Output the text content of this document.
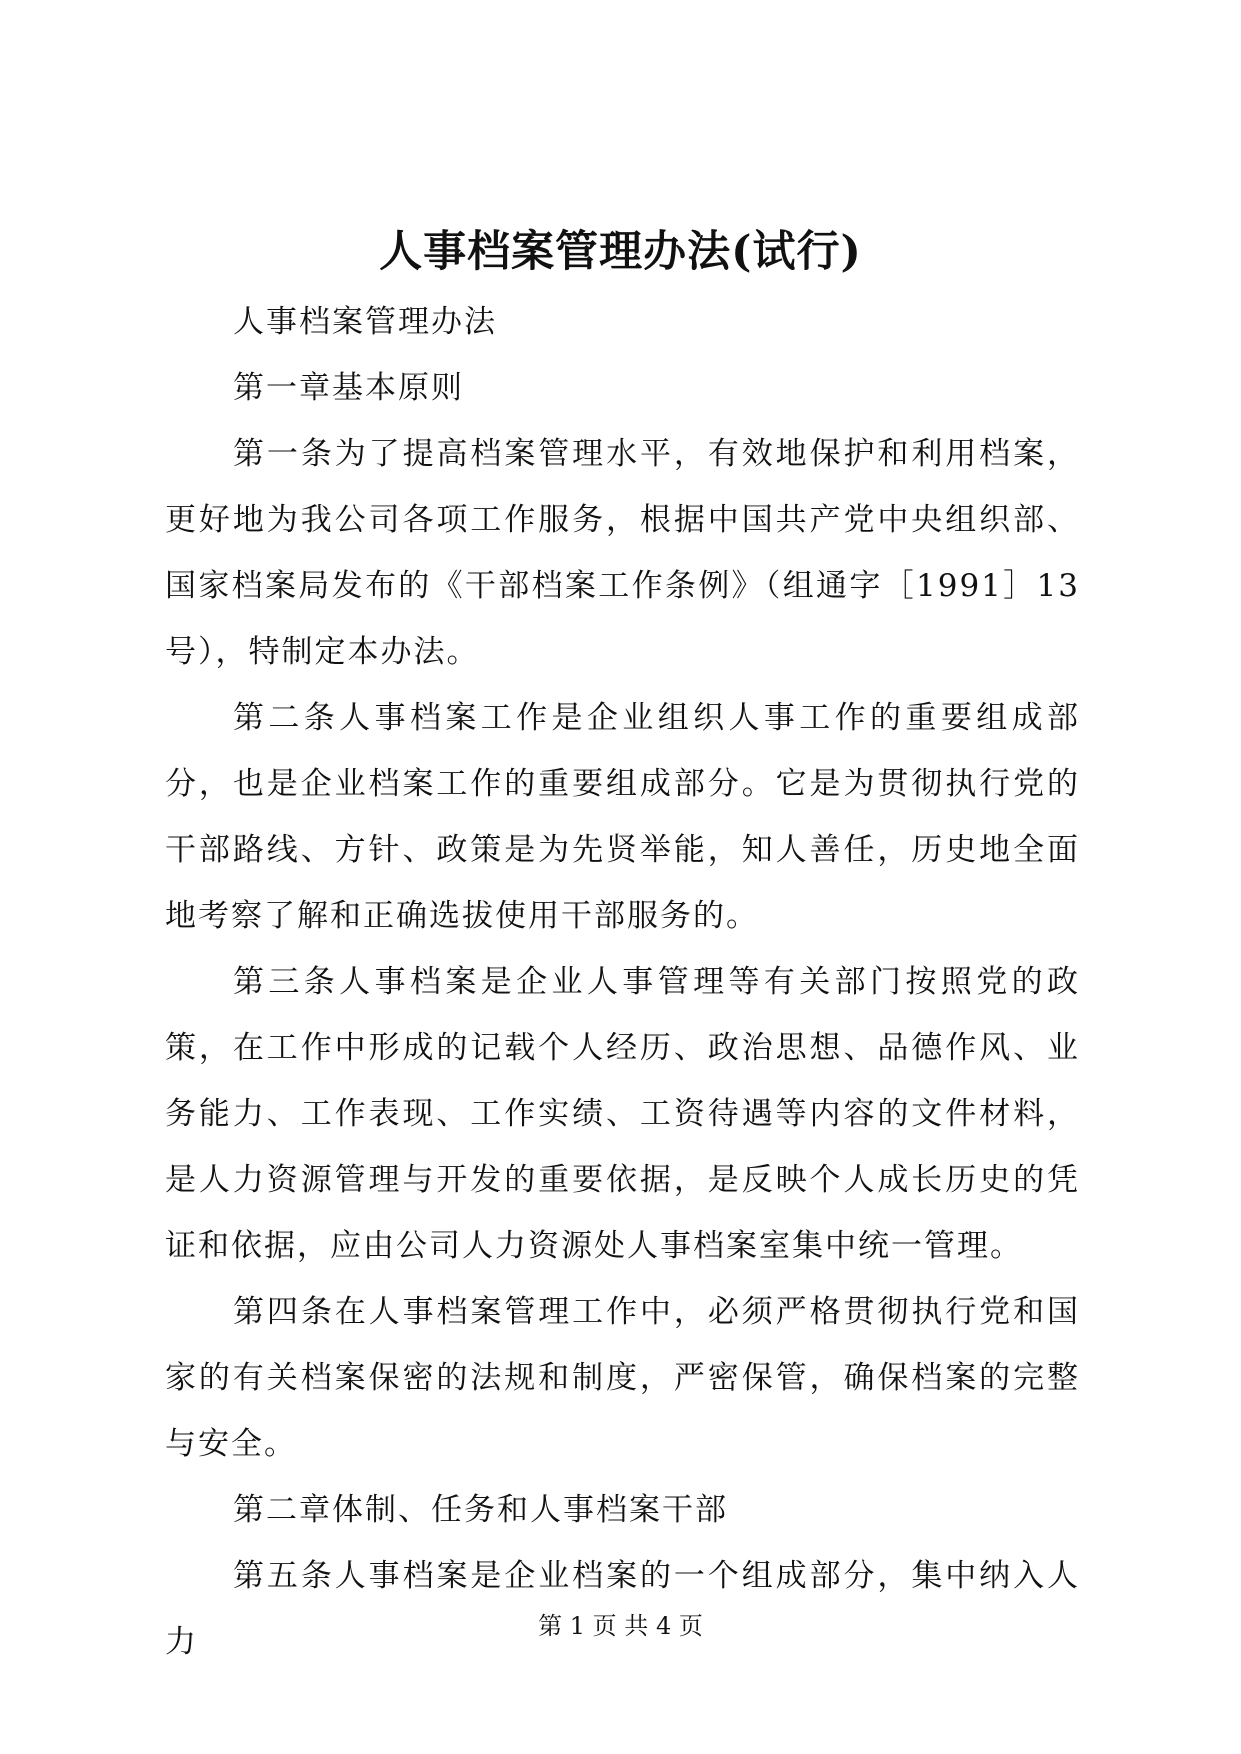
人事档案管理办法(试行)

人事档案管理办法

第一章基本原则

第一条为了提高档案管理水平，有效地保护和利用档案，更好地为我公司各项工作服务，根据中国共产党中央组织部、国家档案局发布的《干部档案工作条例》（组通字［1991］13号），特制定本办法。

第二条人事档案工作是企业组织人事工作的重要组成部分，也是企业档案工作的重要组成部分。它是为贯彻执行党的干部路线、方针、政策是为先贤举能，知人善任，历史地全面地考察了解和正确选拔使用干部服务的。

第三条人事档案是企业人事管理等有关部门按照党的政策，在工作中形成的记载个人经历、政治思想、品德作风、业务能力、工作表现、工作实绩、工资待遇等内容的文件材料，是人力资源管理与开发的重要依据，是反映个人成长历史的凭证和依据，应由公司人力资源处人事档案室集中统一管理。

第四条在人事档案管理工作中，必须严格贯彻执行党和国家的有关档案保密的法规和制度，严密保管，确保档案的完整与安全。

第二章体制、任务和人事档案干部

第五条人事档案是企业档案的一个组成部分，集中纳入人力	第 1 页 共 4 页
